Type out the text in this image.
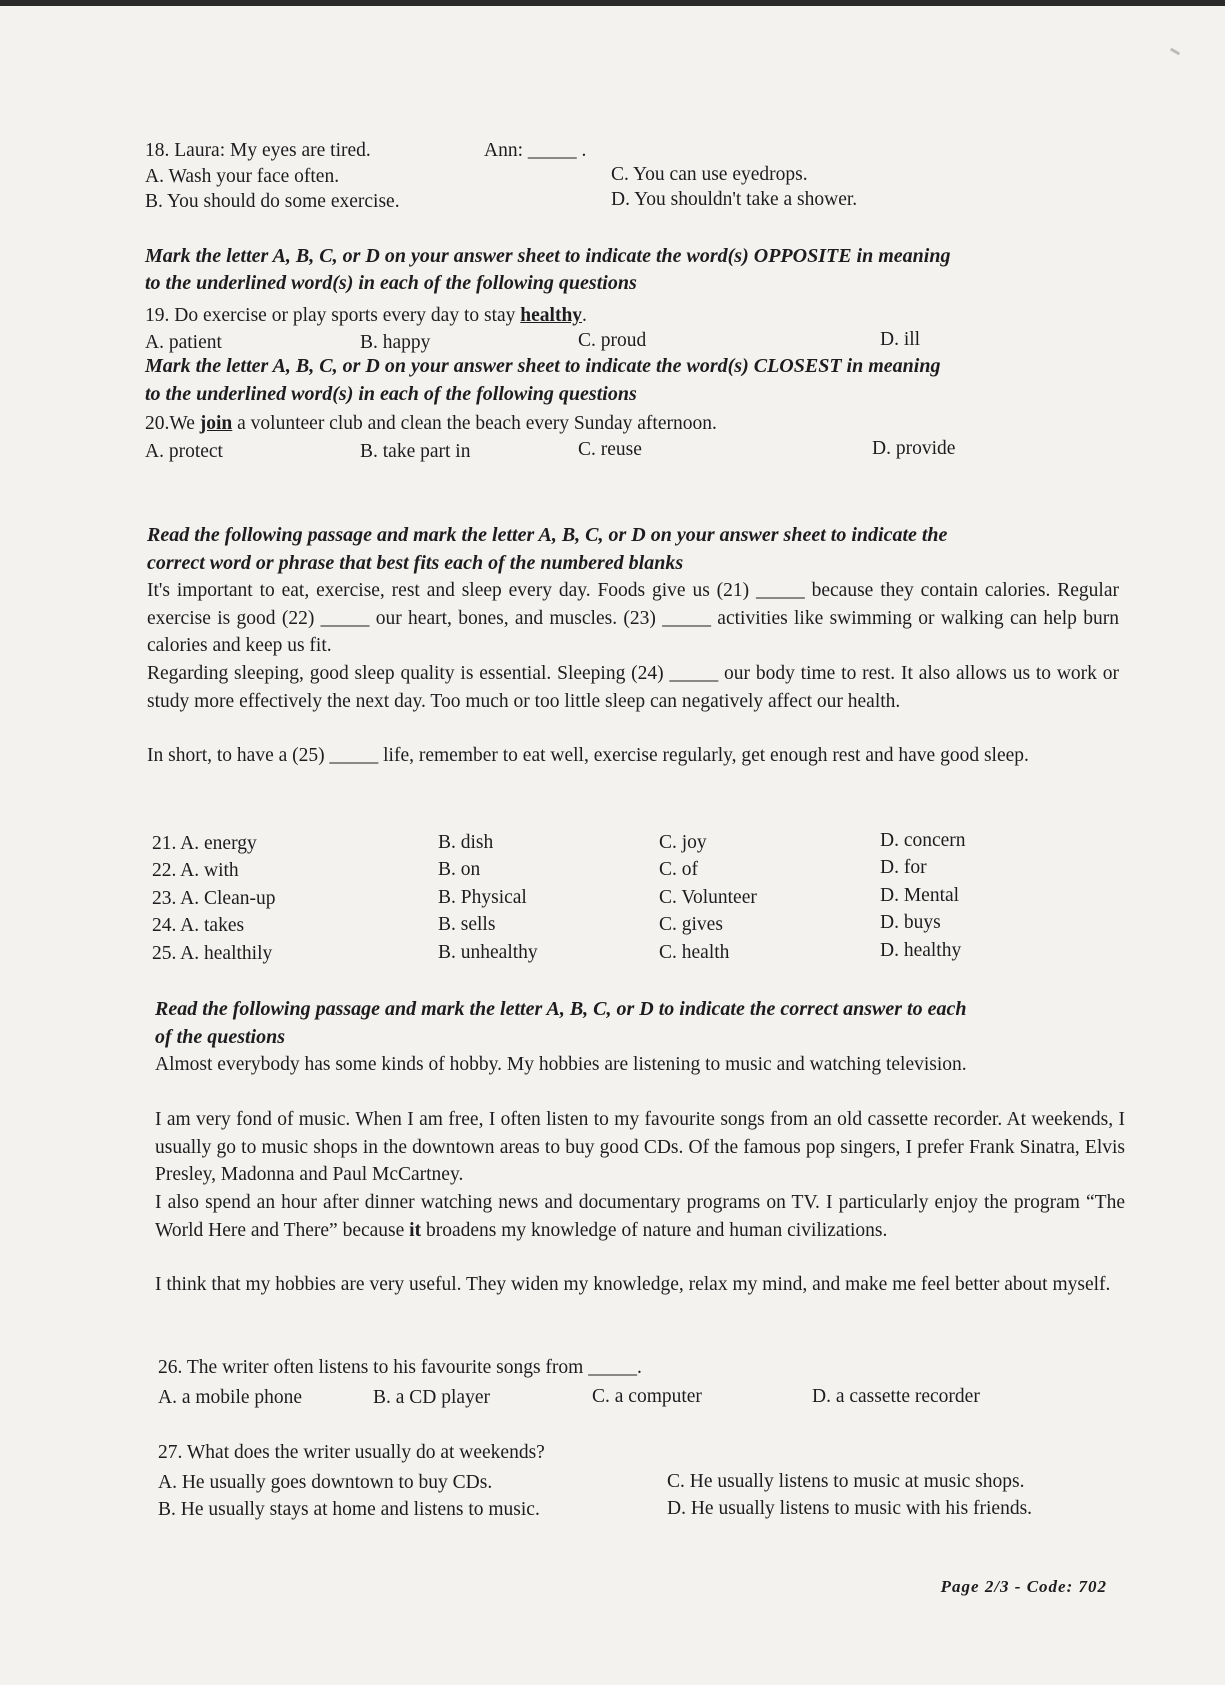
18. Laura: My eyes are tired.	Ann: _____ .
A. Wash your face often.	C. You can use eyedrops.
B. You should do some exercise.	D. You shouldn't take a shower.
Mark the letter A, B, C, or D on your answer sheet to indicate the word(s) OPPOSITE in meaning
to the underlined word(s) in each of the following questions
19. Do exercise or play sports every day to stay healthy.
A. patient	B. happy	C. proud	D. ill
Mark the letter A, B, C, or D on your answer sheet to indicate the word(s) CLOSEST in meaning
to the underlined word(s) in each of the following questions
20.We join a volunteer club and clean the beach every Sunday afternoon.
A. protect	B. take part in	C. reuse	D. provide
Read the following passage and mark the letter A, B, C, or D on your answer sheet to indicate the
correct word or phrase that best fits each of the numbered blanks
It's important to eat, exercise, rest and sleep every day. Foods give us (21) _____ because they contain calories. Regular exercise is good (22) _____ our heart, bones, and muscles. (23) _____ activities like swimming or walking can help burn calories and keep us fit.
Regarding sleeping, good sleep quality is essential. Sleeping (24) _____ our body time to rest. It also allows us to work or study more effectively the next day. Too much or too little sleep can negatively affect our health.
In short, to have a (25) _____ life, remember to eat well, exercise regularly, get enough rest and have good sleep.
21. A. energy	B. dish	C. joy	D. concern
22. A. with	B. on	C. of	D. for
23. A. Clean-up	B. Physical	C. Volunteer	D. Mental
24. A. takes	B. sells	C. gives	D. buys
25. A. healthily	B. unhealthy	C. health	D. healthy
Read the following passage and mark the letter A, B, C, or D to indicate the correct answer to each
of the questions
Almost everybody has some kinds of hobby. My hobbies are listening to music and watching television.
I am very fond of music. When I am free, I often listen to my favourite songs from an old cassette recorder. At weekends, I usually go to music shops in the downtown areas to buy good CDs. Of the famous pop singers, I prefer Frank Sinatra, Elvis Presley, Madonna and Paul McCartney.
I also spend an hour after dinner watching news and documentary programs on TV. I particularly enjoy the program “The World Here and There” because it broadens my knowledge of nature and human civilizations.
I think that my hobbies are very useful. They widen my knowledge, relax my mind, and make me feel better about myself.
26. The writer often listens to his favourite songs from _____.
A. a mobile phone	B. a CD player	C. a computer	D. a cassette recorder
27. What does the writer usually do at weekends?
A. He usually goes downtown to buy CDs.	C. He usually listens to music at music shops.
B. He usually stays at home and listens to music.	D. He usually listens to music with his friends.
Page 2/3 - Code: 702
